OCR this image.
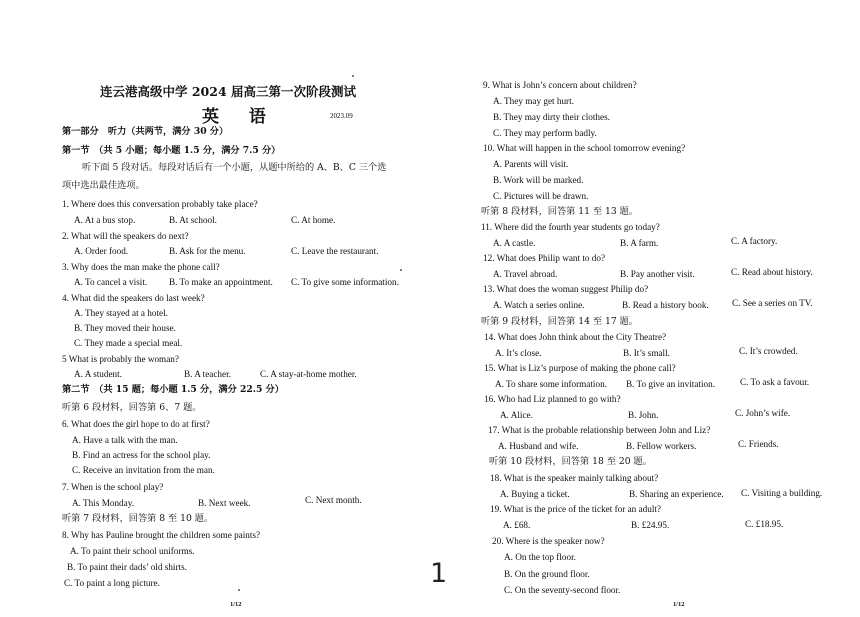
连云港高级中学 2024 届高三第一次阶段测试
英 语	2023.09
第一部分　听力（共两节，满分 30 分）
第一节　（共 5 小题；每小题 1.5 分，满分 7.5 分）
听下面 5 段对话。每段对话后有一个小题，从题中所给的 A、B、C 三个选
项中选出最佳选项。
1. Where does this conversation probably take place?
A. At a bus stop.	B. At school.	C. At home.
2. What will the speakers do next?
A. Order food.	B. Ask for the menu.	C. Leave the restaurant.
3. Why does the man make the phone call?
A. To cancel a visit. B. To make an appointment. C. To give some information.
4. What did the speakers do last week?
A. They stayed at a hotel.
B. They moved their house.
C. They made a special meal.
5 What is probably the woman?
A. A student.	B. A teacher.	C. A stay-at-home mother.
第二节　（共 15 题；每小题 1.5 分，满分 22.5 分）
听第 6 段材料，回答第 6、7 题。
6. What does the girl hope to do at first?
A. Have a talk with the man.
B. Find an actress for the school play.
C. Receive an invitation from the man.
7. When is the school play?
A. This Monday.	B. Next week.	C. Next month.
听第 7 段材料，回答第 8 至 10 题。
8. Why has Pauline brought the children some paints?
A. To paint their school uniforms.
B. To paint their dads’ old shirts.
C. To paint a long picture.
1/12
1
9. What is John’s concern about children?
A. They may get hurt.
B. They may dirty their clothes.
C. They may perform badly.
10. What will happen in the school tomorrow evening?
A. Parents will visit.
B. Work will be marked.
C. Pictures will be drawn.
听第 8 段材料，回答第 11 至 13 题。
11. Where did the fourth year students go today?
A. A castle.	B. A farm.	C. A factory.
12. What does Philip want to do?
A. Travel abroad.	B. Pay another visit.	C. Read about history.
13. What does the woman suggest Philip do?
A. Watch a series online.	B. Read a history book.	C. See a series on TV.
听第 9 段材料，回答第 14 至 17 题。
14. What does John think about the City Theatre?
A. It’s close.	B. It’s small.	C. It’s crowded.
15. What is Liz’s purpose of making the phone call?
A. To share some information. B. To give an invitation.	C. To ask a favour.
16. Who had Liz planned to go with?
A. Alice.	B. John.	C. John’s wife.
17. What is the probable relationship between John and Liz?
A. Husband and wife.	B. Fellow workers.	C. Friends.
听第 10 段材料，回答第 18 至 20 题。
18. What is the speaker mainly talking about?
A. Buying a ticket.	B. Sharing an experience. C. Visiting a building.
19. What is the price of the ticket for an adult?
A. £68.	B. £24.95.	C. £18.95.
20. Where is the speaker now?
A. On the top floor.
B. On the ground floor.
C. On the seventy-second floor.
1/12
